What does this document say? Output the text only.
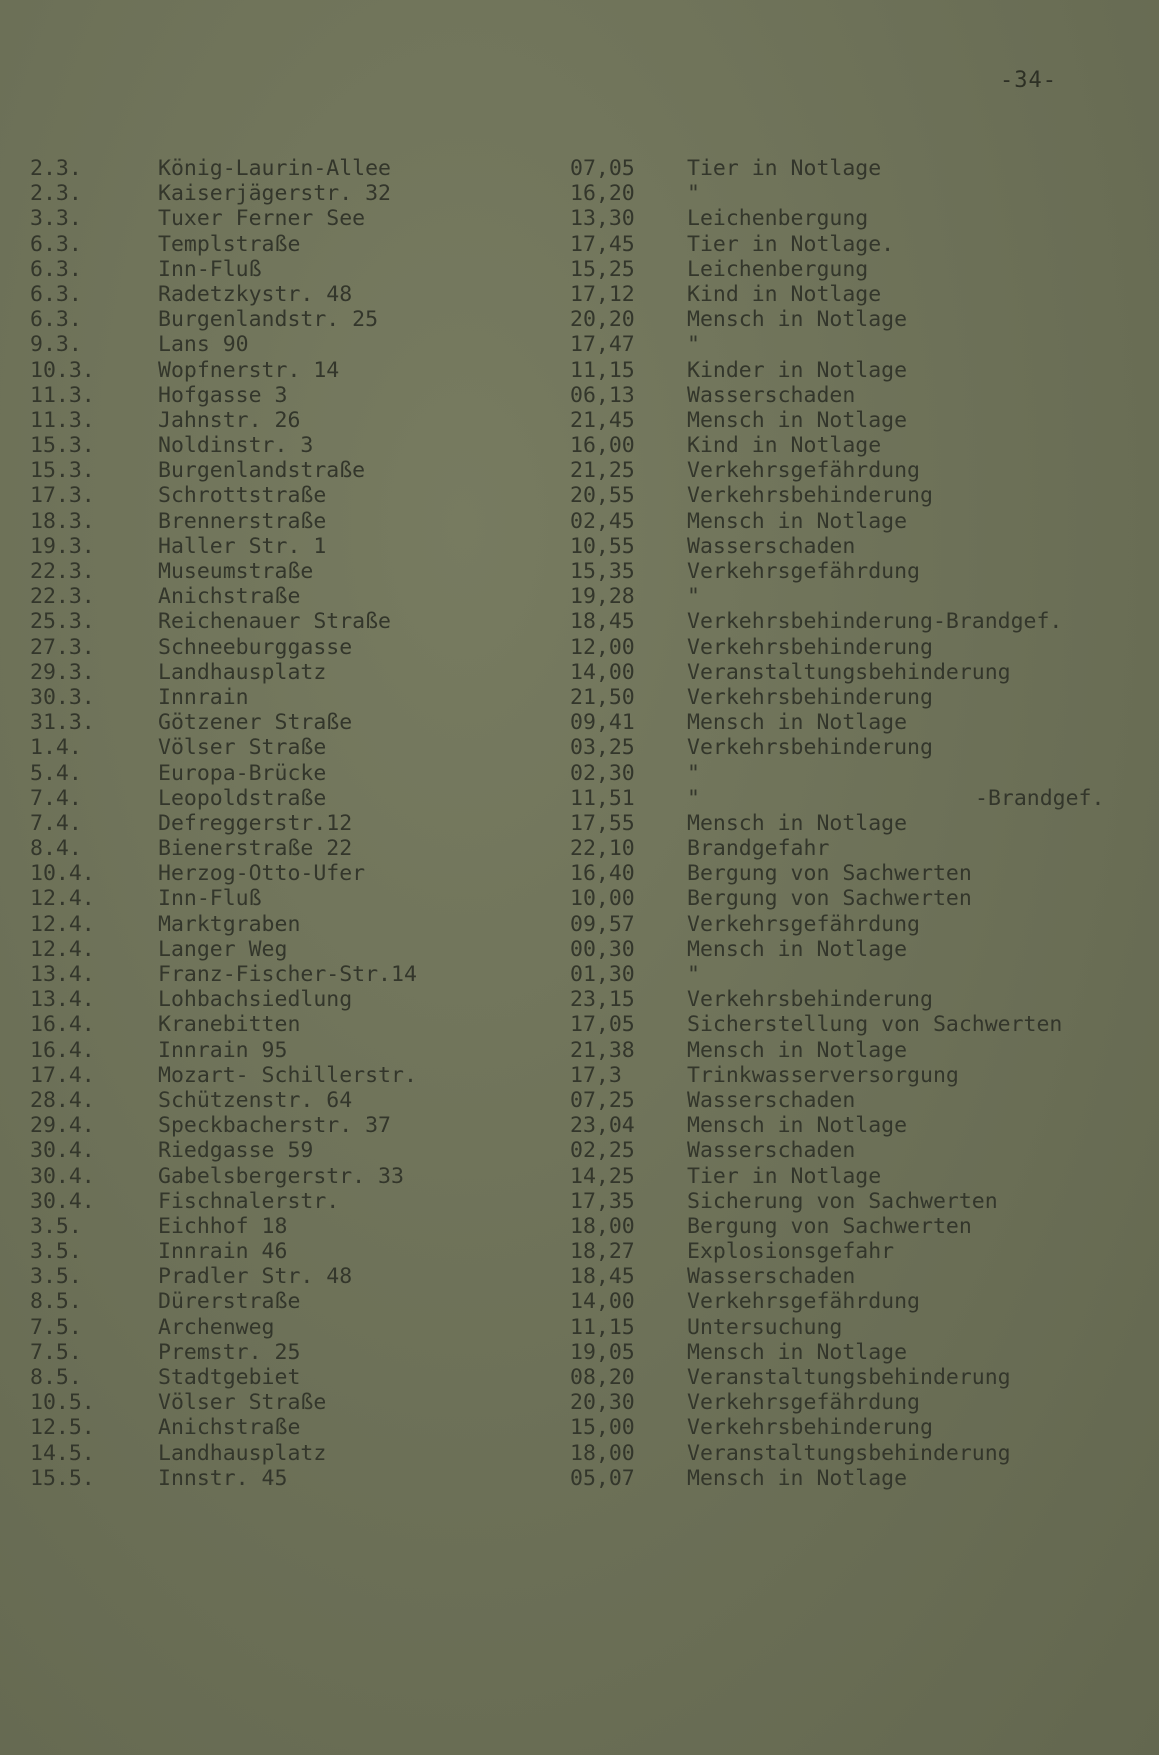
-34-
2.3.	König-Laurin-Allee	07,05 Tier in Notlage
2.3.	Kaiserjägerstr. 32	16,20 "
3.3.	Tuxer Ferner See	13,30 Leichenbergung
6.3.	Templstraße	17,45 Tier in Notlage.
6.3.	Inn-Fluß	15,25 Leichenbergung
6.3.	Radetzkystr. 48	17,12 Kind in Notlage
6.3.	Burgenlandstr. 25	20,20 Mensch in Notlage
9.3.	Lans 90	17,47 "
10.3.	Wopfnerstr. 14	11,15 Kinder in Notlage
11.3.	Hofgasse 3	06,13 Wasserschaden
11.3.	Jahnstr. 26	21,45 Mensch in Notlage
15.3.	Noldinstr. 3	16,00 Kind in Notlage
15.3.	Burgenlandstraße	21,25 Verkehrsgefährdung
17.3.	Schrottstraße	20,55 Verkehrsbehinderung
18.3.	Brennerstraße	02,45 Mensch in Notlage
19.3.	Haller Str. 1	10,55 Wasserschaden
22.3.	Museumstraße	15,35 Verkehrsgefährdung
22.3.	Anichstraße	19,28 "
25.3.	Reichenauer Straße	18,45 Verkehrsbehinderung-Brandgef.
27.3.	Schneeburggasse	12,00 Verkehrsbehinderung
29.3.	Landhausplatz	14,00 Veranstaltungsbehinderung
30.3.	Innrain	21,50 Verkehrsbehinderung
31.3.	Götzener Straße	09,41 Mensch in Notlage
1.4.	Völser Straße	03,25 Verkehrsbehinderung
5.4.	Europa-Brücke	02,30 "
7.4.	Leopoldstraße	11,51 "	-Brandgef.
7.4.	Defreggerstr.12	17,55 Mensch in Notlage
8.4.	Bienerstraße 22	22,10 Brandgefahr
10.4.	Herzog-Otto-Ufer	16,40 Bergung von Sachwerten
12.4.	Inn-Fluß	10,00 Bergung von Sachwerten
12.4.	Marktgraben	09,57 Verkehrsgefährdung
12.4.	Langer Weg	00,30 Mensch in Notlage
13.4.	Franz-Fischer-Str.14	01,30 "
13.4.	Lohbachsiedlung	23,15 Verkehrsbehinderung
16.4.	Kranebitten	17,05 Sicherstellung von Sachwerten
16.4.	Innrain 95	21,38 Mensch in Notlage
17.4.	Mozart- Schillerstr.	17,3	Trinkwasserversorgung
28.4.	Schützenstr. 64	07,25 Wasserschaden
29.4.	Speckbacherstr. 37	23,04 Mensch in Notlage
30.4.	Riedgasse 59	02,25 Wasserschaden
30.4.	Gabelsbergerstr. 33	14,25 Tier in Notlage
30.4.	Fischnalerstr.	17,35 Sicherung von Sachwerten
3.5.	Eichhof 18	18,00 Bergung von Sachwerten
3.5.	Innrain 46	18,27 Explosionsgefahr
3.5.	Pradler Str. 48	18,45 Wasserschaden
8.5.	Dürerstraße	14,00 Verkehrsgefährdung
7.5.	Archenweg	11,15 Untersuchung
7.5.	Premstr. 25	19,05 Mensch in Notlage
8.5.	Stadtgebiet	08,20 Veranstaltungsbehinderung
10.5.	Völser Straße	20,30 Verkehrsgefährdung
12.5.	Anichstraße	15,00 Verkehrsbehinderung
14.5.	Landhausplatz	18,00 Veranstaltungsbehinderung
15.5.	Innstr. 45	05,07 Mensch in Notlage
